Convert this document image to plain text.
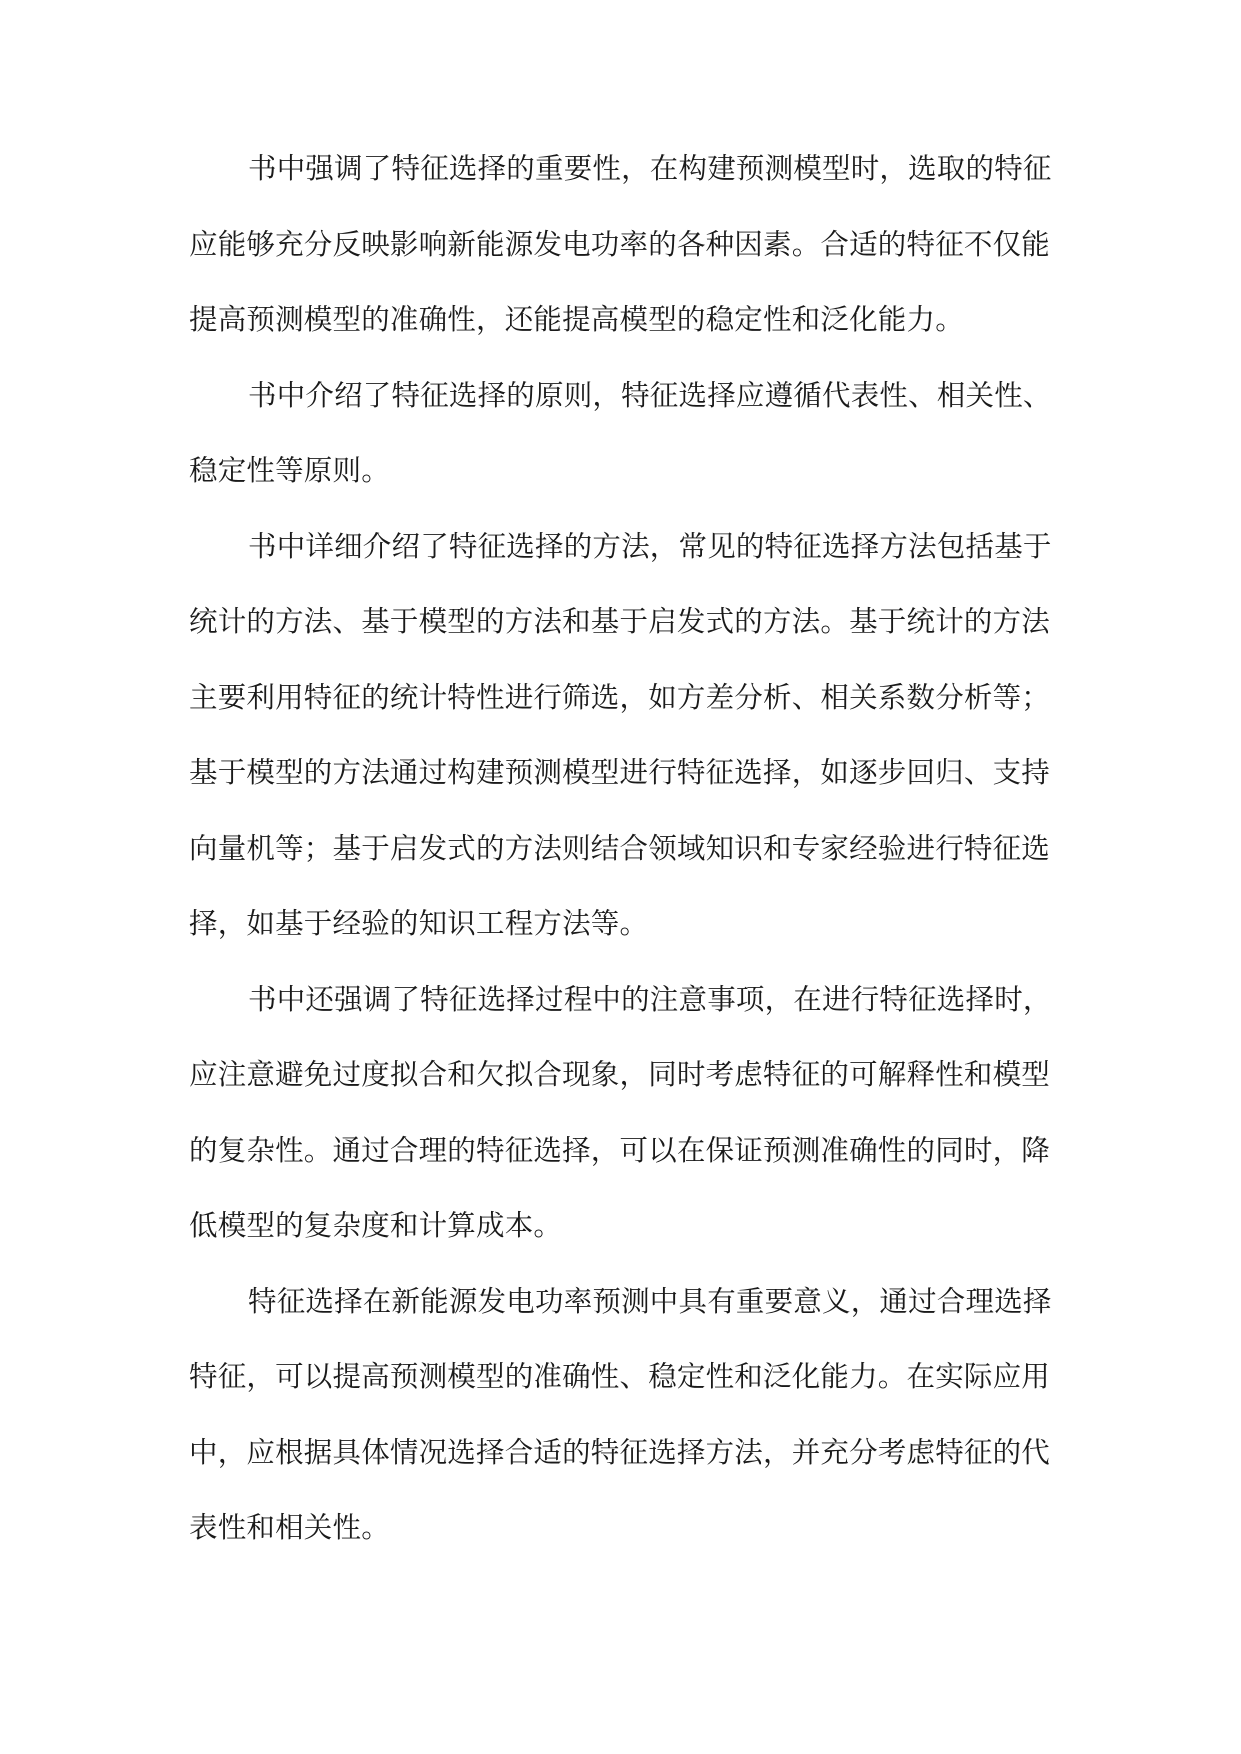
书中强调了特征选择的重要性，在构建预测模型时，选取的特征
应能够充分反映影响新能源发电功率的各种因素。合适的特征不仅能
提高预测模型的准确性，还能提高模型的稳定性和泛化能力。
书中介绍了特征选择的原则，特征选择应遵循代表性、相关性、
稳定性等原则。
书中详细介绍了特征选择的方法，常见的特征选择方法包括基于
统计的方法、基于模型的方法和基于启发式的方法。基于统计的方法
主要利用特征的统计特性进行筛选，如方差分析、相关系数分析等；
基于模型的方法通过构建预测模型进行特征选择，如逐步回归、支持
向量机等；基于启发式的方法则结合领域知识和专家经验进行特征选
择，如基于经验的知识工程方法等。
书中还强调了特征选择过程中的注意事项，在进行特征选择时，
应注意避免过度拟合和欠拟合现象，同时考虑特征的可解释性和模型
的复杂性。通过合理的特征选择，可以在保证预测准确性的同时，降
低模型的复杂度和计算成本。
特征选择在新能源发电功率预测中具有重要意义，通过合理选择
特征，可以提高预测模型的准确性、稳定性和泛化能力。在实际应用
中，应根据具体情况选择合适的特征选择方法，并充分考虑特征的代
表性和相关性。
